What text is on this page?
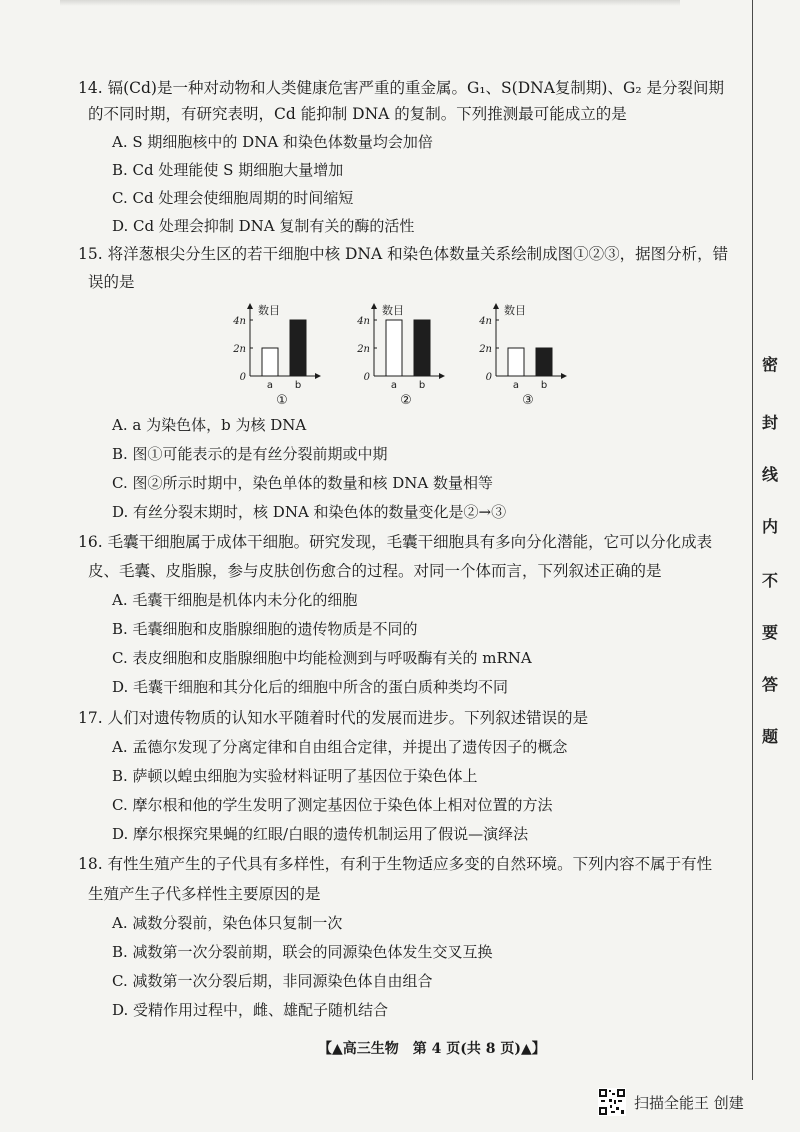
密
封
线
内
不
要
答
题
14. 镉(Cd)是一种对动物和人类健康危害严重的重金属。G₁、S(DNA复制期)、G₂ 是分裂间期
的不同时期，有研究表明，Cd 能抑制 DNA 的复制。下列推测最可能成立的是
A. S 期细胞核中的 DNA 和染色体数量均会加倍
B. Cd 处理能使 S 期细胞大量增加
C. Cd 处理会使细胞周期的时间缩短
D. Cd 处理会抑制 DNA 复制有关的酶的活性
15. 将洋葱根尖分生区的若干细胞中核 DNA 和染色体数量关系绘制成图①②③，据图分析，错
误的是
数目
0
2n
4n
a b
①
数目
0
2n
4n
a b
②
数目
0
2n
4n
a b
③
A. a 为染色体，b 为核 DNA
B. 图①可能表示的是有丝分裂前期或中期
C. 图②所示时期中，染色单体的数量和核 DNA 数量相等
D. 有丝分裂末期时，核 DNA 和染色体的数量变化是②→③
16. 毛囊干细胞属于成体干细胞。研究发现，毛囊干细胞具有多向分化潜能，它可以分化成表
皮、毛囊、皮脂腺，参与皮肤创伤愈合的过程。对同一个体而言，下列叙述正确的是
A. 毛囊干细胞是机体内未分化的细胞
B. 毛囊细胞和皮脂腺细胞的遗传物质是不同的
C. 表皮细胞和皮脂腺细胞中均能检测到与呼吸酶有关的 mRNA
D. 毛囊干细胞和其分化后的细胞中所含的蛋白质种类均不同
17. 人们对遗传物质的认知水平随着时代的发展而进步。下列叙述错误的是
A. 孟德尔发现了分离定律和自由组合定律，并提出了遗传因子的概念
B. 萨顿以蝗虫细胞为实验材料证明了基因位于染色体上
C. 摩尔根和他的学生发明了测定基因位于染色体上相对位置的方法
D. 摩尔根探究果蝇的红眼/白眼的遗传机制运用了假说—演绎法
18. 有性生殖产生的子代具有多样性，有利于生物适应多变的自然环境。下列内容不属于有性
生殖产生子代多样性主要原因的是
A. 减数分裂前，染色体只复制一次
B. 减数第一次分裂前期，联会的同源染色体发生交叉互换
C. 减数第一次分裂后期，非同源染色体自由组合
D. 受精作用过程中，雌、雄配子随机结合
【▲高三生物　第 4 页(共 8 页)▲】
扫描全能王 创建
